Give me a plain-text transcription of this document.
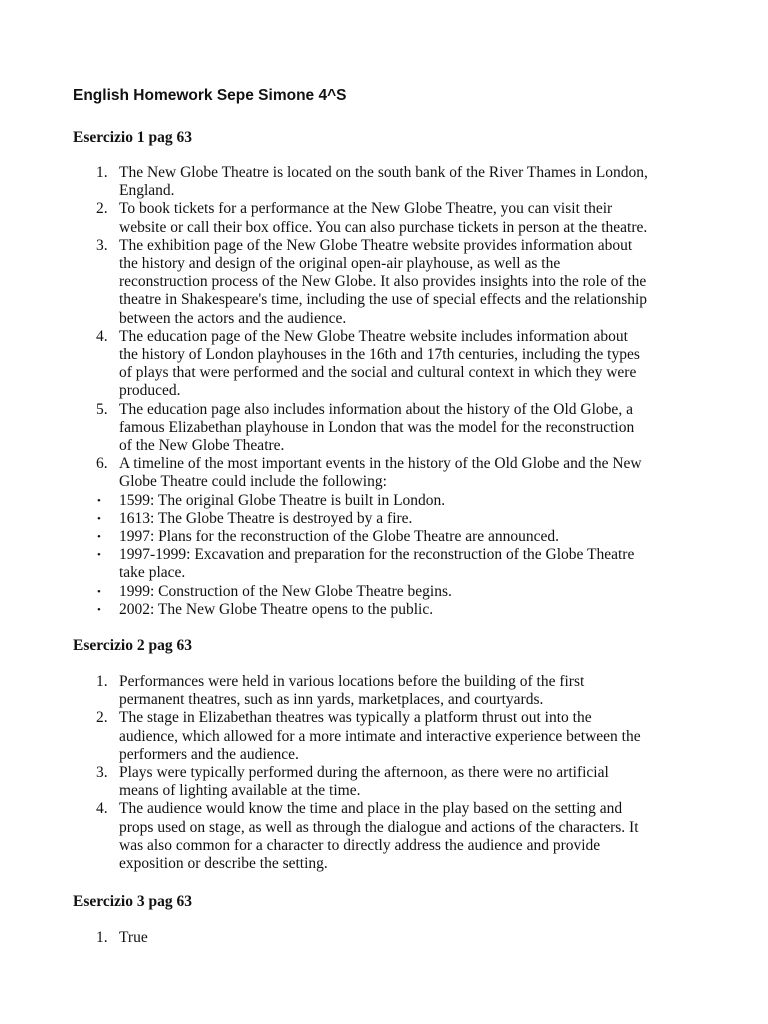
English Homework Sepe Simone 4^S
Esercizio 1 pag 63
1. The New Globe Theatre is located on the south bank of the River Thames in London,
England.
2. To book tickets for a performance at the New Globe Theatre, you can visit their
website or call their box office. You can also purchase tickets in person at the theatre.
3. The exhibition page of the New Globe Theatre website provides information about
the history and design of the original open-air playhouse, as well as the
reconstruction process of the New Globe. It also provides insights into the role of the
theatre in Shakespeare's time, including the use of special effects and the relationship
between the actors and the audience.
4. The education page of the New Globe Theatre website includes information about
the history of London playhouses in the 16th and 17th centuries, including the types
of plays that were performed and the social and cultural context in which they were
produced.
5. The education page also includes information about the history of the Old Globe, a
famous Elizabethan playhouse in London that was the model for the reconstruction
of the New Globe Theatre.
6. A timeline of the most important events in the history of the Old Globe and the New
Globe Theatre could include the following:
• 1599: The original Globe Theatre is built in London.
• 1613: The Globe Theatre is destroyed by a fire.
• 1997: Plans for the reconstruction of the Globe Theatre are announced.
• 1997-1999: Excavation and preparation for the reconstruction of the Globe Theatre
take place.
• 1999: Construction of the New Globe Theatre begins.
• 2002: The New Globe Theatre opens to the public.
Esercizio 2 pag 63
1. Performances were held in various locations before the building of the first
permanent theatres, such as inn yards, marketplaces, and courtyards.
2. The stage in Elizabethan theatres was typically a platform thrust out into the
audience, which allowed for a more intimate and interactive experience between the
performers and the audience.
3. Plays were typically performed during the afternoon, as there were no artificial
means of lighting available at the time.
4. The audience would know the time and place in the play based on the setting and
props used on stage, as well as through the dialogue and actions of the characters. It
was also common for a character to directly address the audience and provide
exposition or describe the setting.
Esercizio 3 pag 63
1. True
